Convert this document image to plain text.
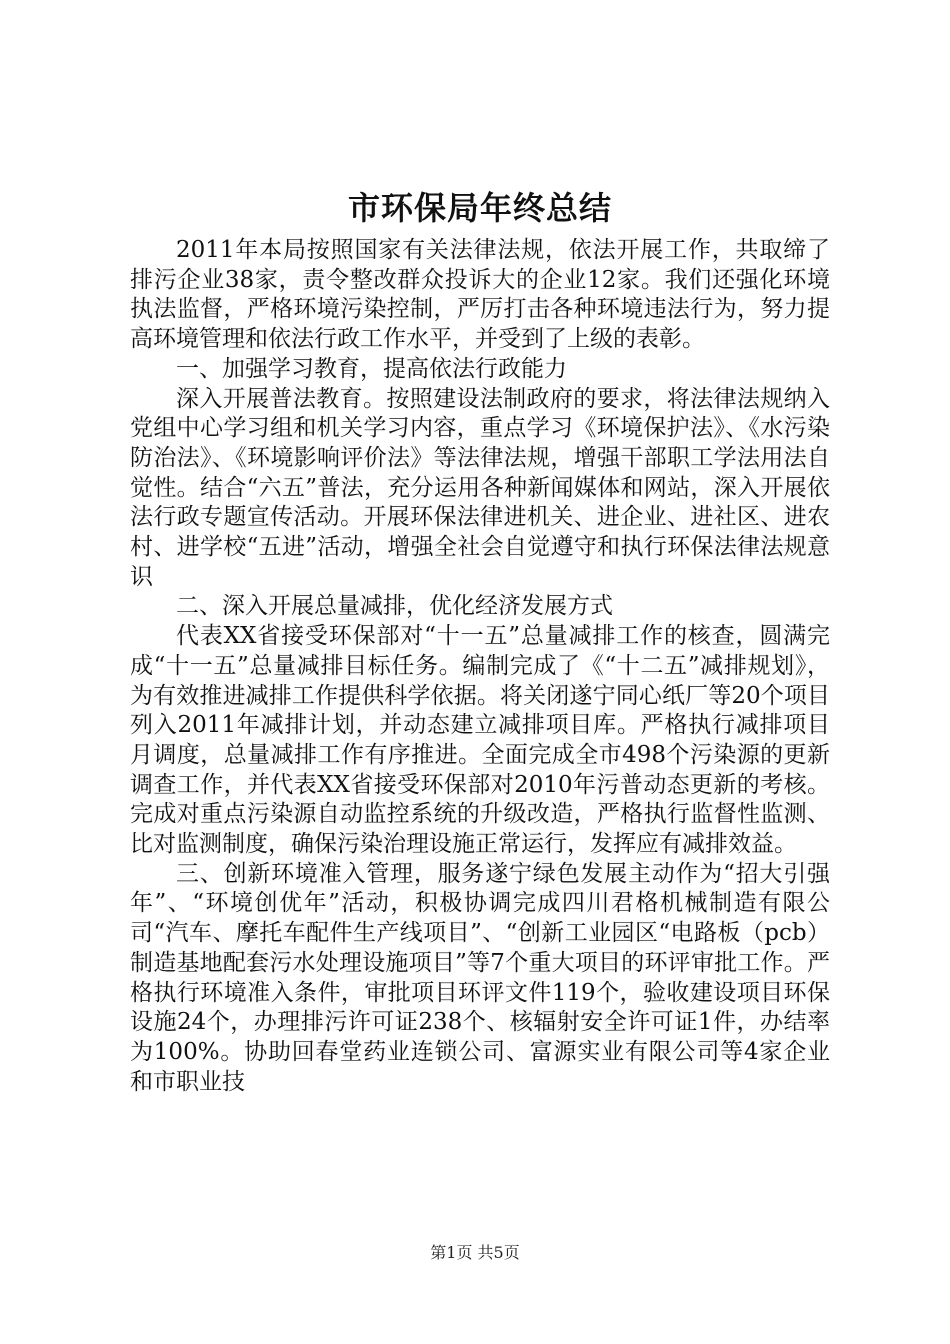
市环保局年终总结

2011年本局按照国家有关法律法规，依法开展工作，共取缔了排污企业38家，责令整改群众投诉大的企业12家。我们还强化环境执法监督，严格环境污染控制，严厉打击各种环境违法行为，努力提高环境管理和依法行政工作水平，并受到了上级的表彰。

一、加强学习教育，提高依法行政能力

深入开展普法教育。按照建设法制政府的要求，将法律法规纳入党组中心学习组和机关学习内容，重点学习《环境保护法》、《水污染防治法》、《环境影响评价法》等法律法规，增强干部职工学法用法自觉性。结合“六五”普法，充分运用各种新闻媒体和网站，深入开展依法行政专题宣传活动。开展环保法律进机关、进企业、进社区、进农村、进学校“五进”活动，增强全社会自觉遵守和执行环保法律法规意识

二、深入开展总量减排，优化经济发展方式

代表XX省接受环保部对“十一五”总量减排工作的核查，圆满完成“十一五”总量减排目标任务。编制完成了《“十二五”减排规划》，为有效推进减排工作提供科学依据。将关闭遂宁同心纸厂等20个项目列入2011年减排计划，并动态建立减排项目库。严格执行减排项目月调度，总量减排工作有序推进。全面完成全市498个污染源的更新调查工作，并代表XX省接受环保部对2010年污普动态更新的考核。完成对重点污染源自动监控系统的升级改造，严格执行监督性监测、比对监测制度，确保污染治理设施正常运行，发挥应有减排效益。

三、创新环境准入管理，服务遂宁绿色发展主动作为“招大引强年”、“环境创优年”活动，积极协调完成四川君格机械制造有限公司“汽车、摩托车配件生产线项目”、“创新工业园区“电路板（pcb）制造基地配套污水处理设施项目”等7个重大项目的环评审批工作。严格执行环境准入条件，审批项目环评文件119个，验收建设项目环保设施24个，办理排污许可证238个、核辐射安全许可证1件，办结率为100%。协助回春堂药业连锁公司、富源实业有限公司等4家企业和市职业技

第1页 共5页
